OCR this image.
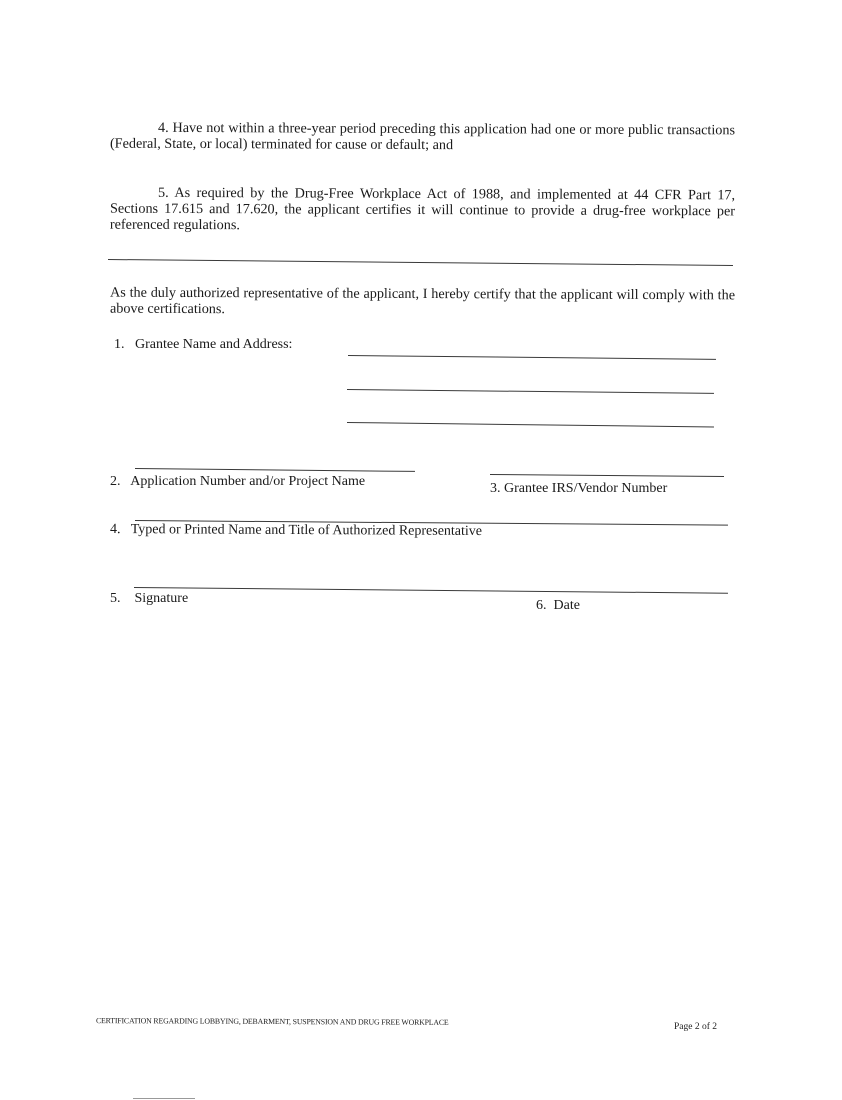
4. Have not within a three-year period preceding this application had one or more public transactions (Federal, State, or local) terminated for cause or default; and
5. As required by the Drug-Free Workplace Act of 1988, and implemented at 44 CFR Part 17, Sections 17.615 and 17.620, the applicant certifies it will continue to provide a drug-free workplace per referenced regulations.
As the duly authorized representative of the applicant, I hereby certify that the applicant will comply with the above certifications.
1. Grantee Name and Address:
2. Application Number and/or Project Name	3. Grantee IRS/Vendor Number
4. Typed or Printed Name and Title of Authorized Representative
5. Signature	6. Date
CERTIFICATION REGARDING LOBBYING, DEBARMENT, SUSPENSION AND DRUG FREE WORKPLACE
Page 2 of 2
